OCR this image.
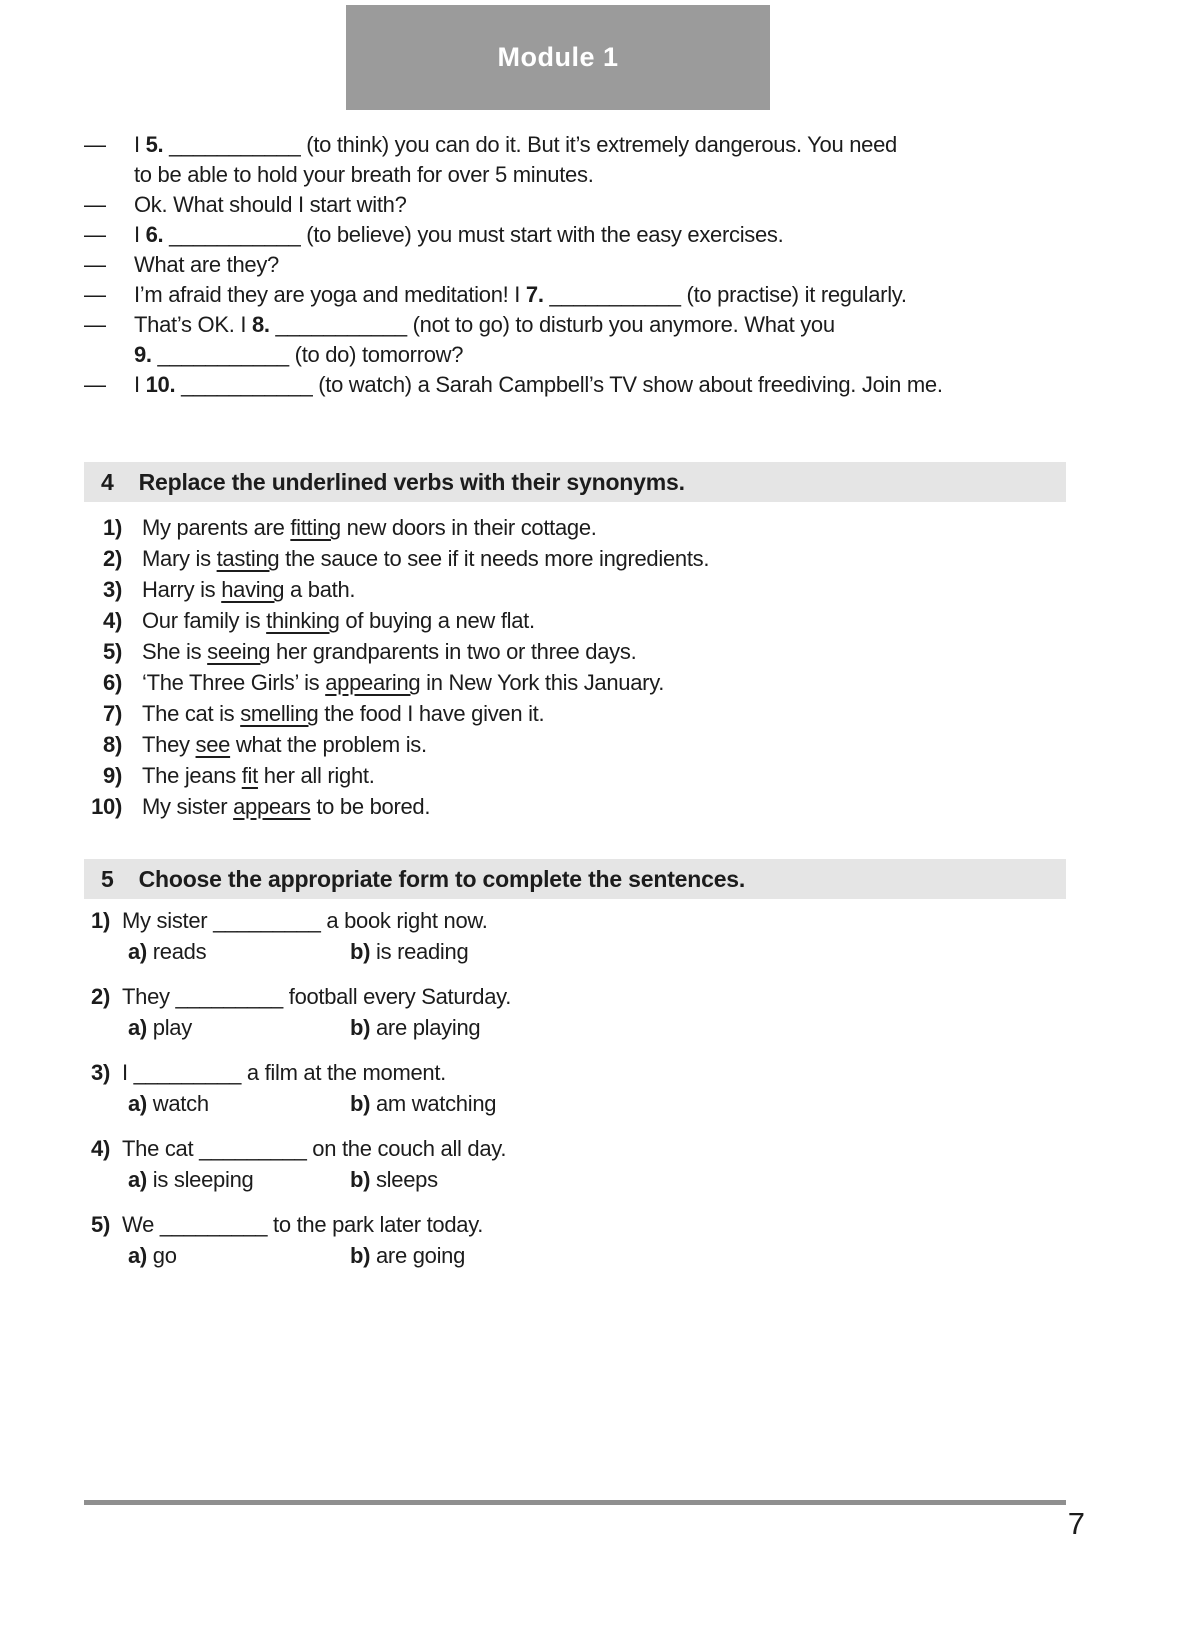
Module 1
—	I 5. ___________ (to think) you can do it. But it’s extremely dangerous. You need
to be able to hold your breath for over 5 minutes.
—	Ok. What should I start with?
—	I 6. ___________ (to believe) you must start with the easy exercises.
—	What are they?
—	I’m afraid they are yoga and meditation! I 7. ___________ (to practise) it regularly.
—	That’s OK. I 8. ___________ (not to go) to disturb you anymore. What you
9. ___________ (to do) tomorrow?
—	I 10. ___________ (to watch) a Sarah Campbell’s TV show about freediving. Join me.
4 Replace the underlined verbs with their synonyms.
1) My parents are fitting new doors in their cottage.
2) Mary is tasting the sauce to see if it needs more ingredients.
3) Harry is having a bath.
4) Our family is thinking of buying a new flat.
5) She is seeing her grandparents in two or three days.
6) ‘The Three Girls’ is appearing in New York this January.
7) The cat is smelling the food I have given it.
8) They see what the problem is.
9) The jeans fit her all right.
10) My sister appears to be bored.
5 Choose the appropriate form to complete the sentences.
1) My sister _________ a book right now.
a) reads	b) is reading
2) They _________ football every Saturday.
a) play	b) are playing
3) I _________ a film at the moment.
a) watch	b) am watching
4) The cat _________ on the couch all day.
a) is sleeping	b) sleeps
5) We _________ to the park later today.
a) go	b) are going
7
